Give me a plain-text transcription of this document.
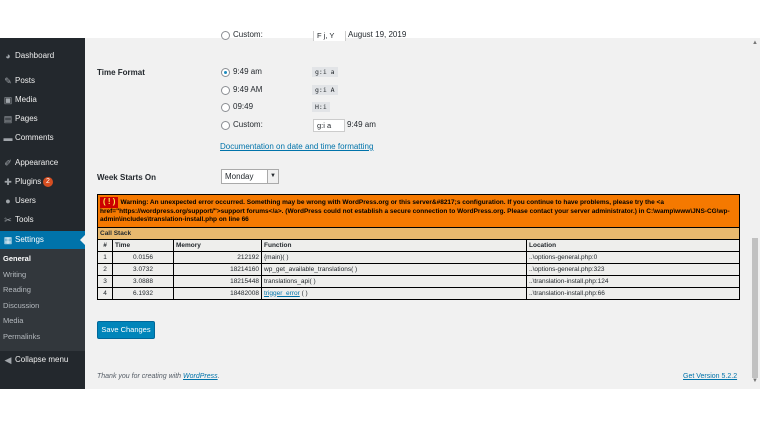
◕ Dashboard
✎ Posts
▣ Media
▤ Pages
▬ Comments
✐ Appearance
✚ Plugins 2
● Users
✂ Tools
▦ Settings
General
Writing
Reading
Discussion
Media
Permalinks
◀ Collapse menu
Custom:	F j, Y	August 19, 2019
Time Format	9:49 am	g:i a
9:49 AM	g:i A
09:49	H:i
Custom:	g:i a	9:49 am
Documentation on date and time formatting
Week Starts On	Monday	▼
( ! ) Warning: An unexpected error occurred. Something may be wrong with WordPress.org or this server&#8217;s configuration. If you continue to have problems, please try the <a href="https://wordpress.org/support/">support forums</a>. (WordPress could not establish a secure connection to WordPress.org. Please contact your server administrator.) in C:\wamp\www\JNS-CG\wp-admin\includes\translation-install.php on line 66				
Call Stack				
#	Time	Memory	Function	Location
1	0.0156	212192	{main}( )	..\options-general.php:0
2	3.0732	18214160	wp_get_available_translations( )	..\options-general.php:323
3	3.0888	18215448	translations_api( )	..\translation-install.php:124
4	6.1932	18482008	trigger_error ( )	..\translation-install.php:66
Save Changes
Thank you for creating with WordPress.	Get Version 5.2.2
▲
▼
